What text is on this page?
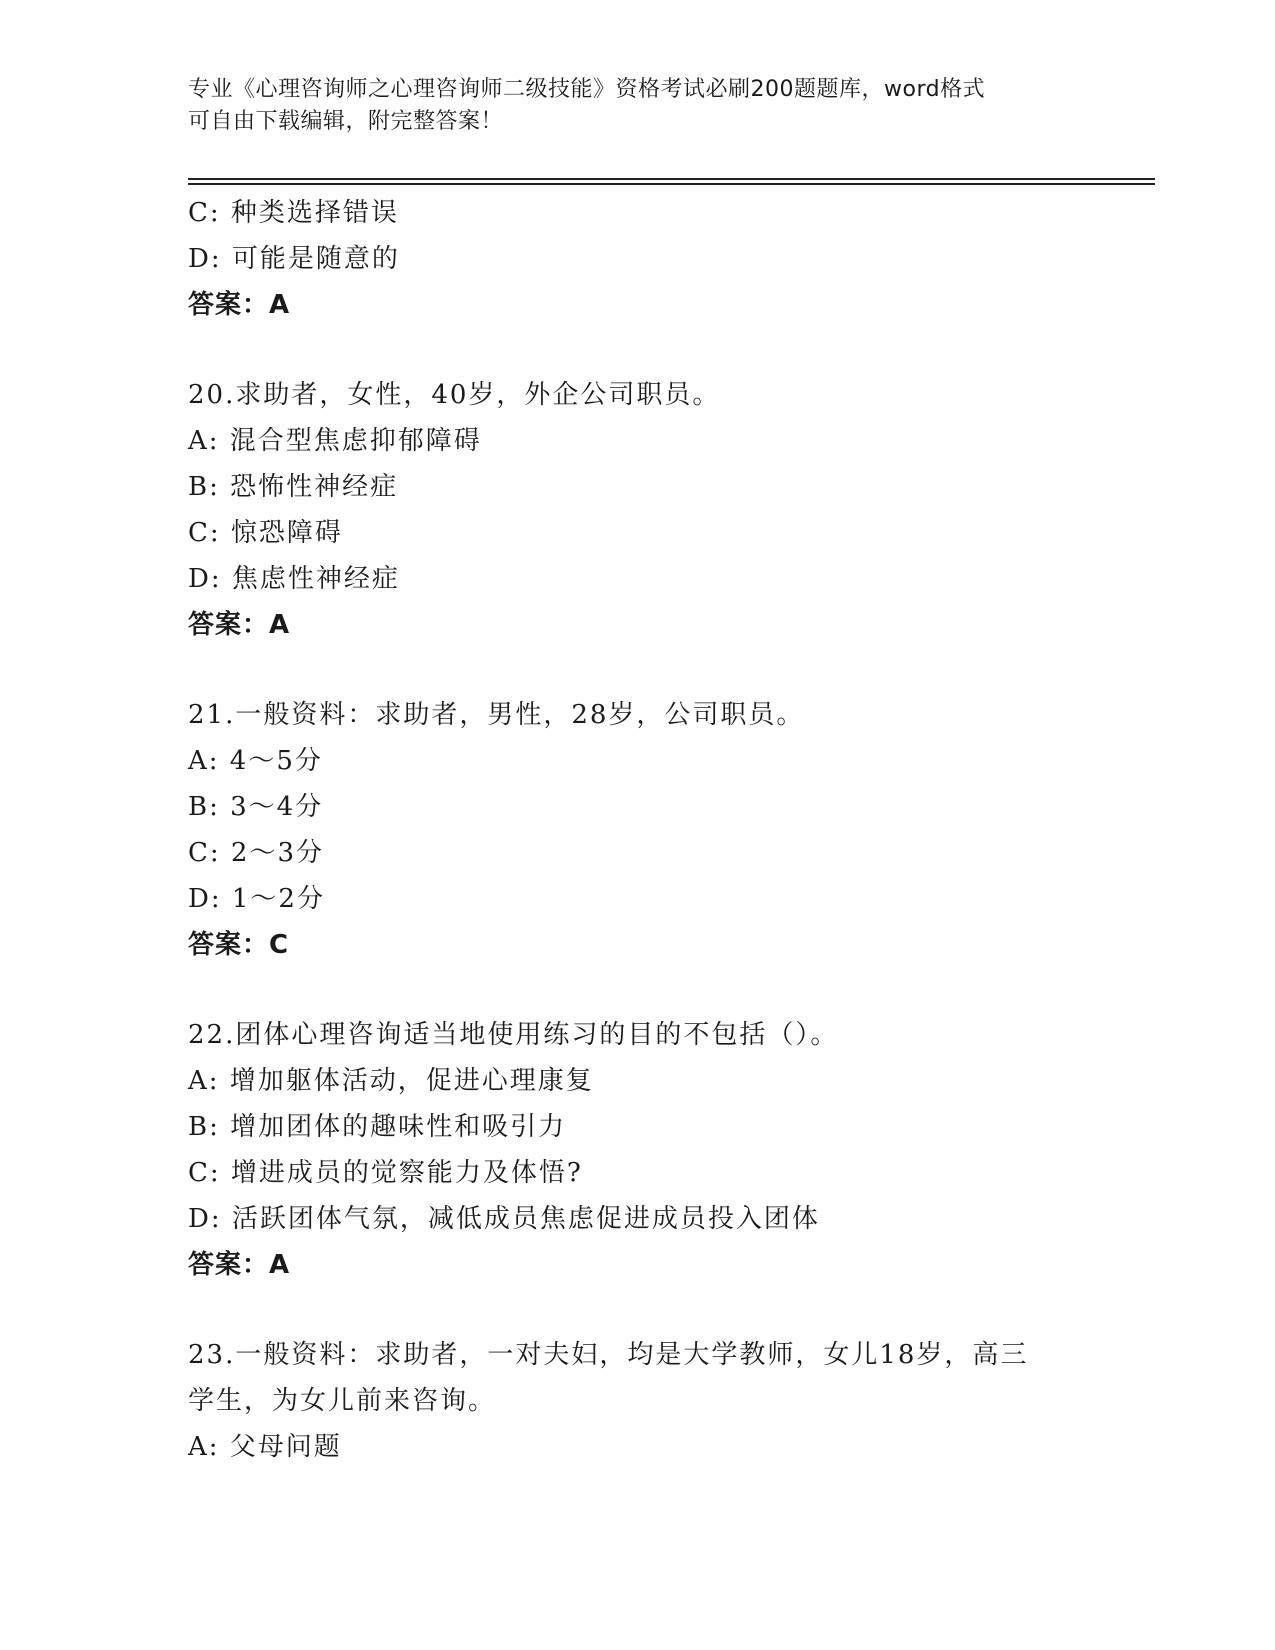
专业《心理咨询师之心理咨询师二级技能》资格考试必刷200题题库，word格式
可自由下载编辑，附完整答案！
C: 种类选择错误
D: 可能是随意的
答案：A
20.求助者，女性，40岁，外企公司职员。
A: 混合型焦虑抑郁障碍
B: 恐怖性神经症
C: 惊恐障碍
D: 焦虑性神经症
答案：A
21.一般资料：求助者，男性，28岁，公司职员。
A: 4～5分
B: 3～4分
C: 2～3分
D: 1～2分
答案：C
22.团体心理咨询适当地使用练习的目的不包括（）。
A: 增加躯体活动，促进心理康复
B: 增加团体的趣味性和吸引力
C: 增进成员的觉察能力及体悟?
D: 活跃团体气氛，减低成员焦虑促进成员投入团体
答案：A
23.一般资料：求助者，一对夫妇，均是大学教师，女儿18岁，高三
学生，为女儿前来咨询。
A: 父母问题
